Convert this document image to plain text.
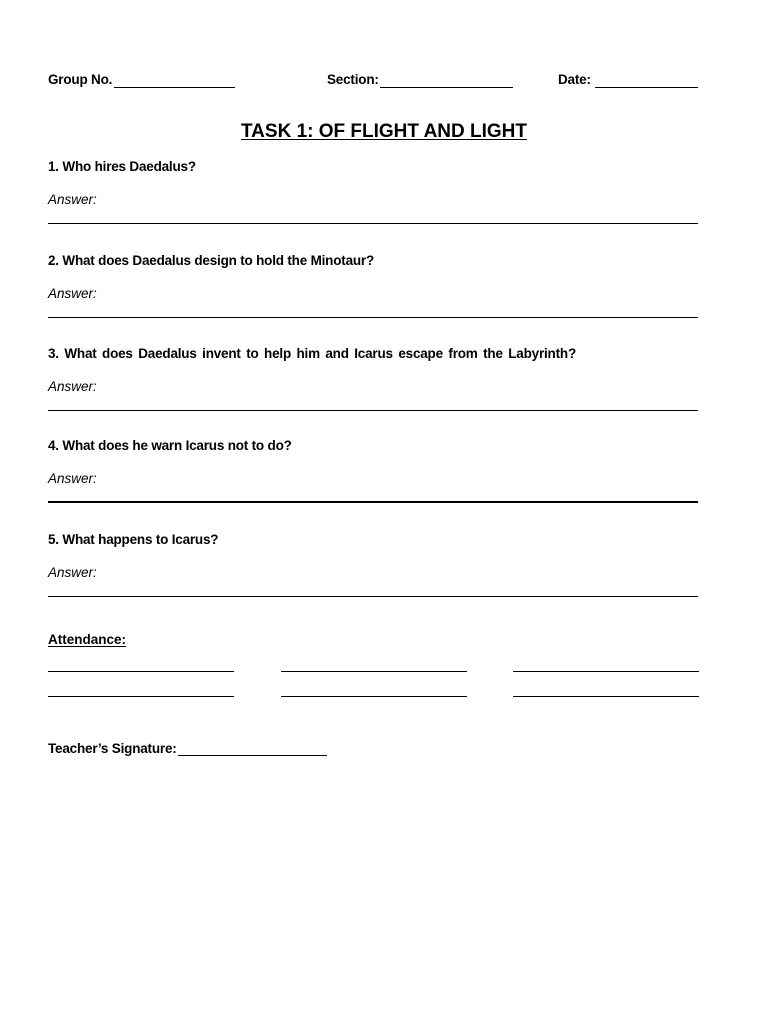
Group No.	Section:	Date:
TASK 1: OF FLIGHT AND LIGHT
1. Who hires Daedalus?
Answer:
2. What does Daedalus design to hold the Minotaur?
Answer:
3. What does Daedalus invent to help him and Icarus escape from the Labyrinth?
Answer:
4. What does he warn Icarus not to do?
Answer:
5. What happens to Icarus?
Answer:
Attendance:
Teacher’s Signature:
